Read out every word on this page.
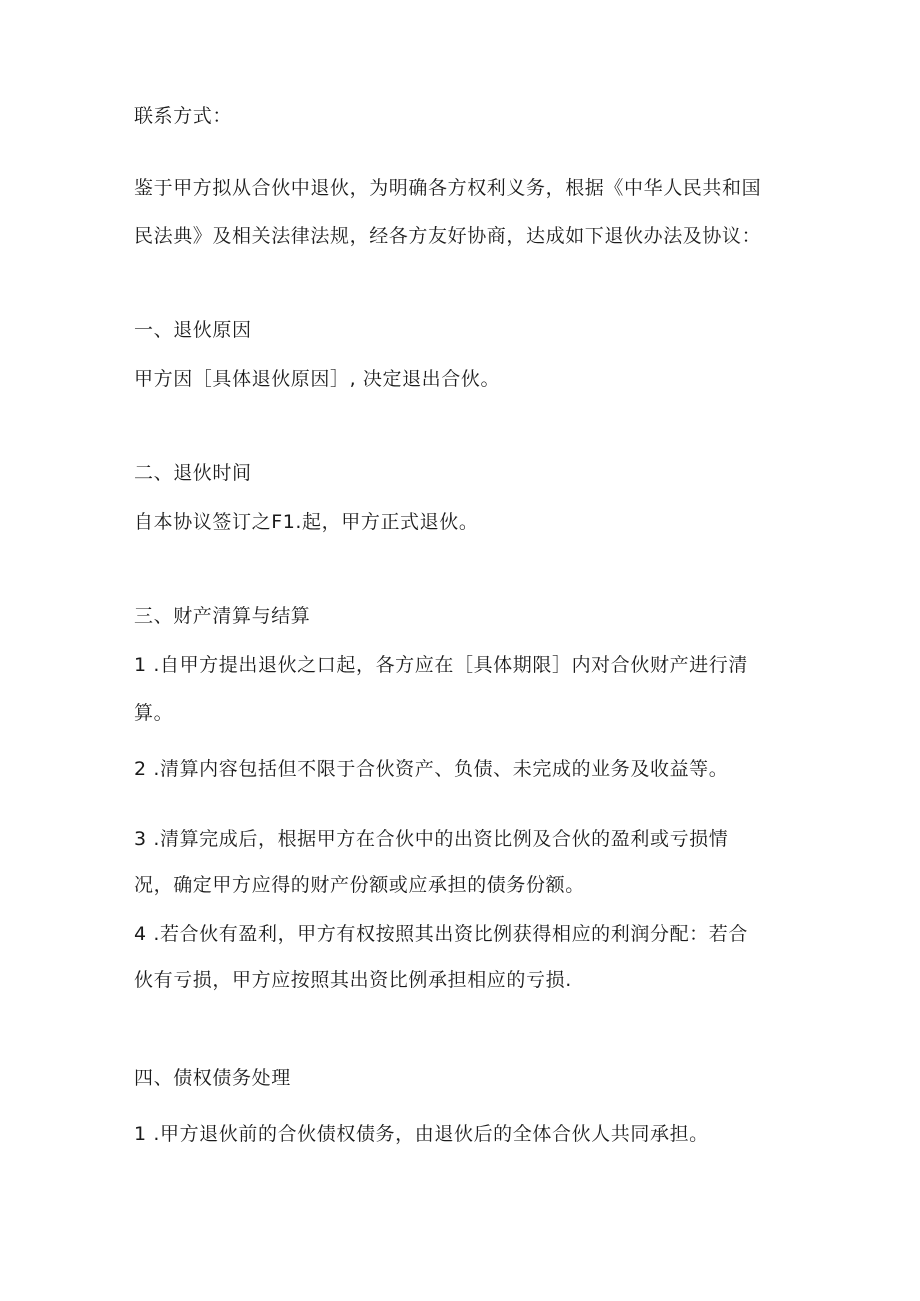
联系方式：
鉴于甲方拟从合伙中退伙，为明确各方权利义务，根据《中华人民共和国
民法典》及相关法律法规，经各方友好协商，达成如下退伙办法及协议：
一、退伙原因
甲方因［具体退伙原因］, 决定退出合伙。
二、退伙时间
自本协议签订之F1.起，甲方正式退伙。
三、财产清算与结算
1 .自甲方提出退伙之口起，各方应在［具体期限］内对合伙财产进行清
算。
2 .清算内容包括但不限于合伙资产、负债、未完成的业务及收益等。
3 .清算完成后，根据甲方在合伙中的出资比例及合伙的盈利或亏损情
况，确定甲方应得的财产份额或应承担的债务份额。
4 .若合伙有盈利，甲方有权按照其出资比例获得相应的利润分配：若合
伙有亏损，甲方应按照其出资比例承担相应的亏损.
四、债权债务处理
1 .甲方退伙前的合伙债权债务，由退伙后的全体合伙人共同承担。
